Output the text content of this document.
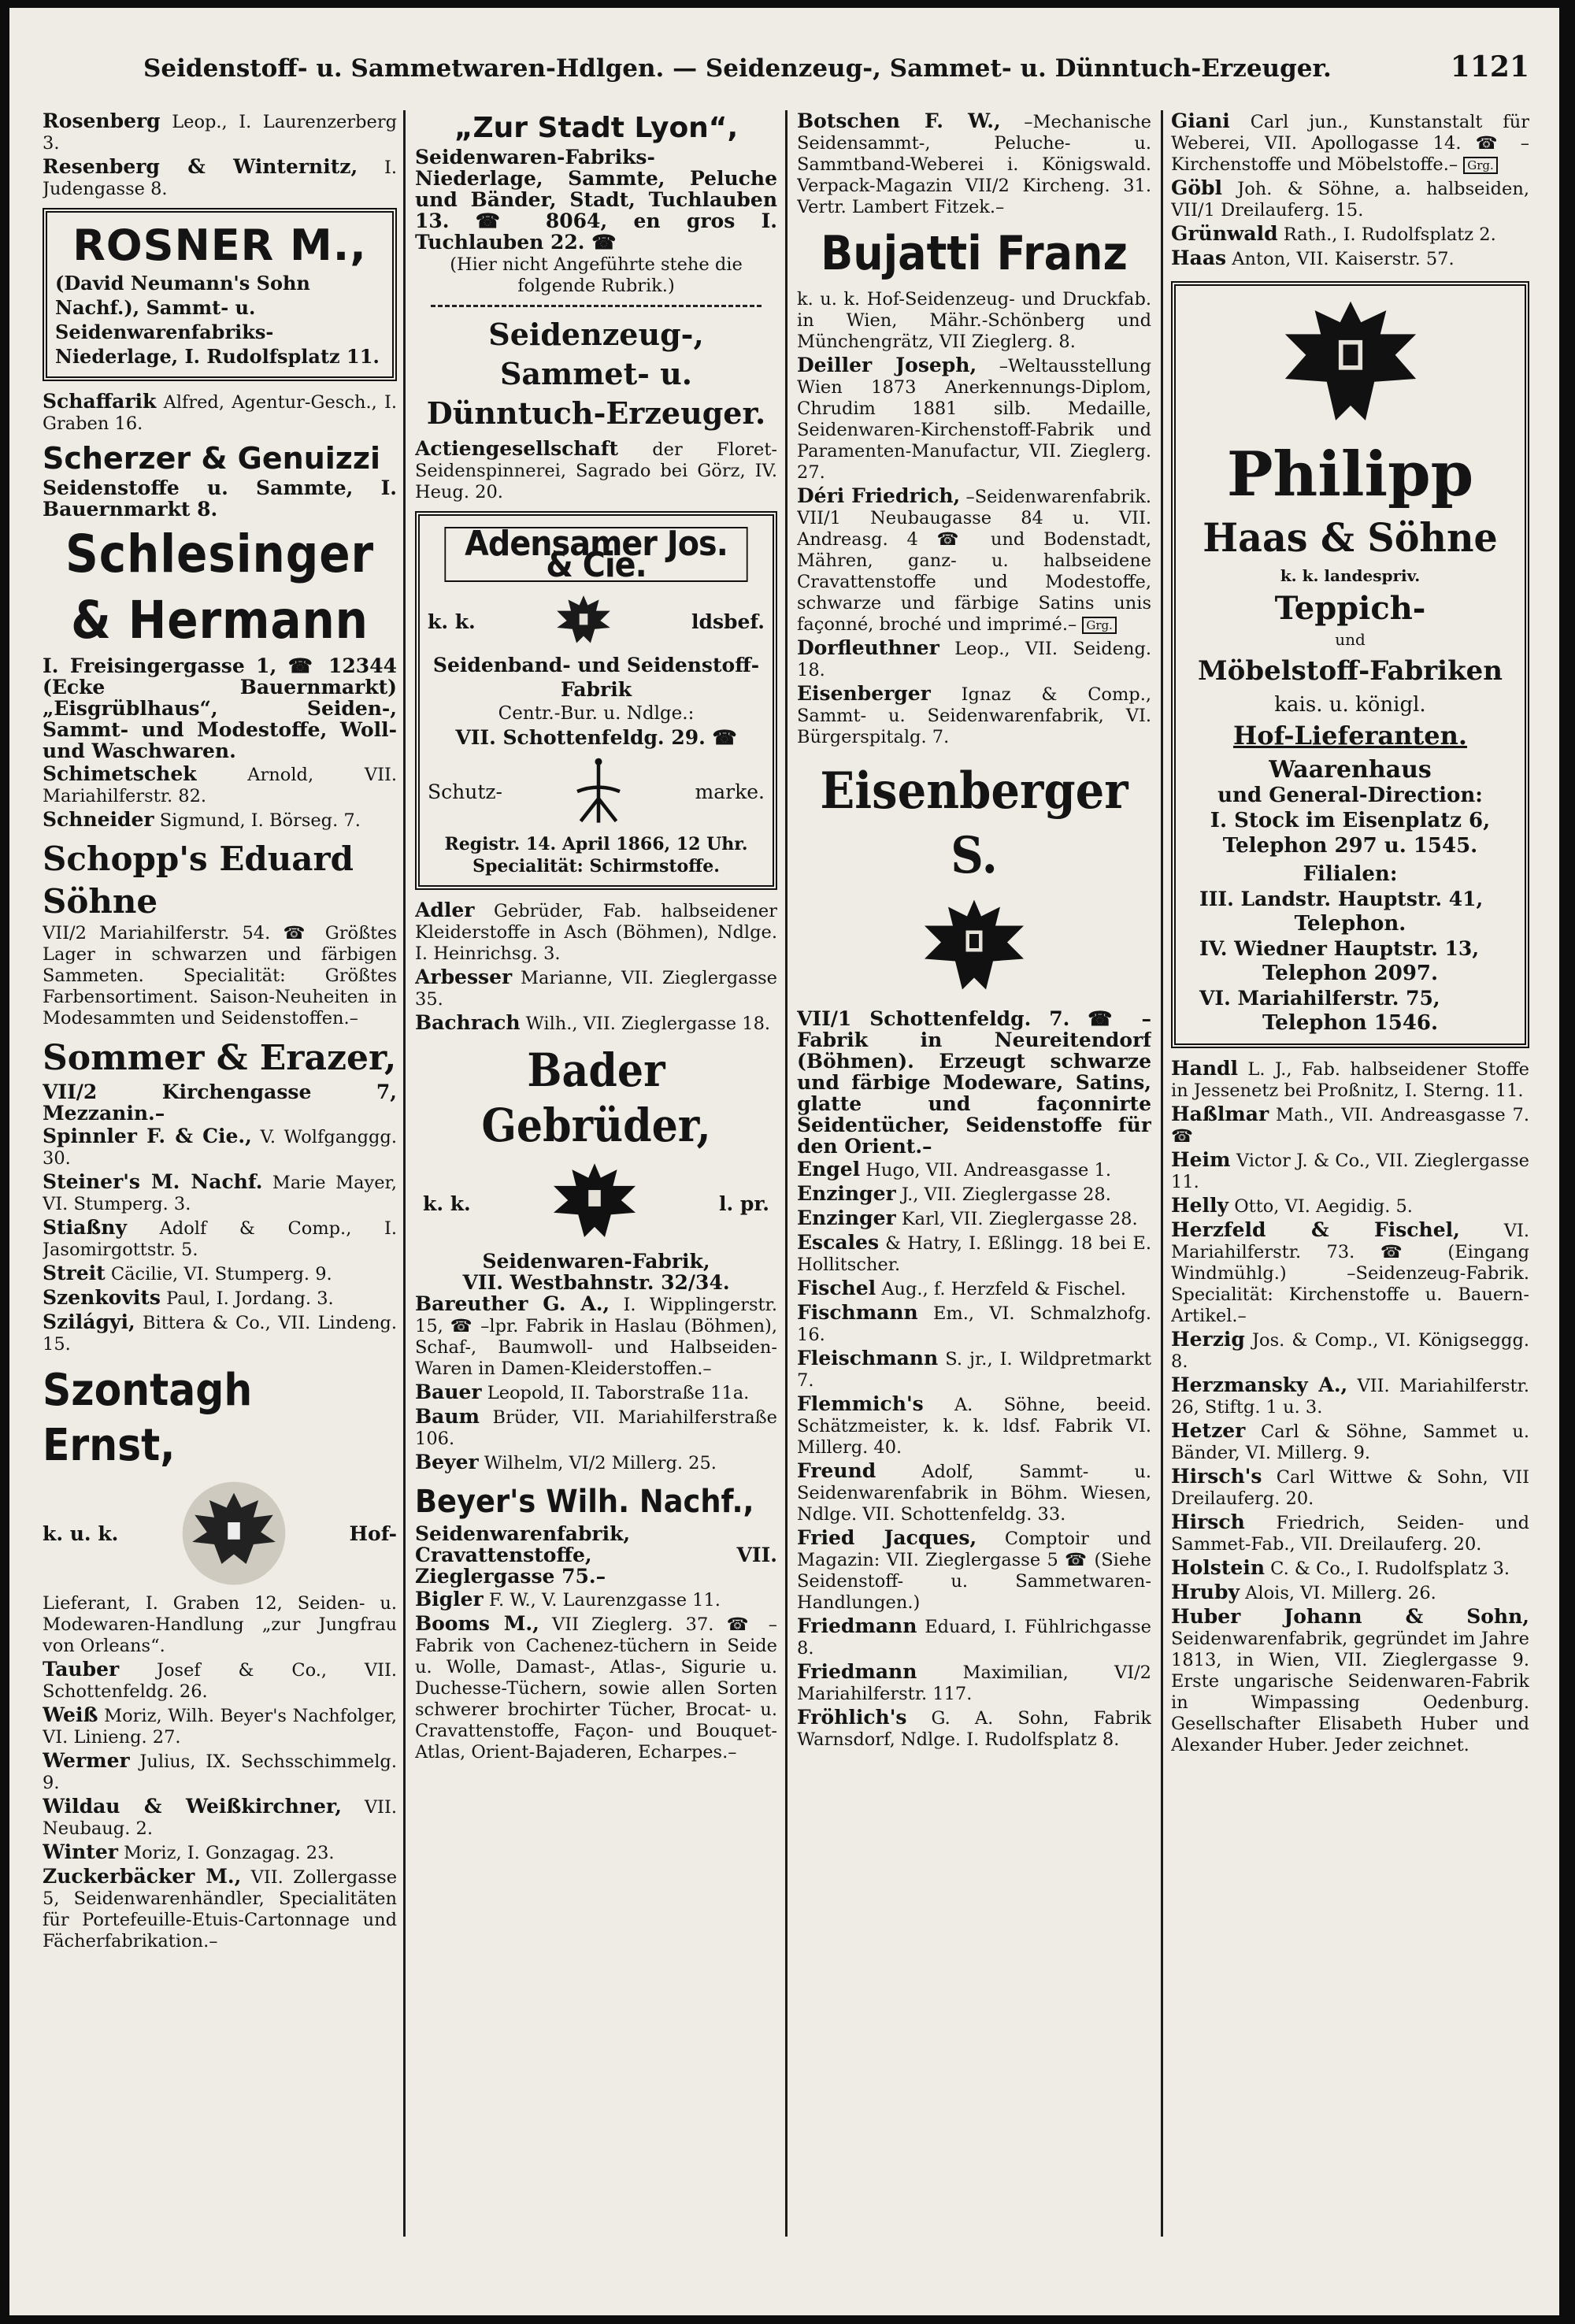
Seidenstoff- u. Sammetwaren-Hdlgen. — Seidenzeug-, Sammet- u. Dünntuch-Erzeuger.	1121

Rosenberg Leop., I. Laurenzerberg 3.

Resenberg & Winternitz, I. Judengasse 8.

ROSNER M.,
(David Neumann's Sohn Nachf.), Sammt- u. Seidenwarenfabriks-Niederlage, I. Rudolfsplatz 11.

Schaffarik Alfred, Agentur-Gesch., I. Graben 16.

Scherzer & Genuizzi

Seidenstoffe u. Sammte, I. Bauernmarkt 8.

Schlesinger
& Hermann

I. Freisingergasse 1, ☎ 12344 (Ecke Bauernmarkt) „Eisgrüblhaus“, Seiden-, Sammt- und Modestoffe, Woll- und Waschwaren.

Schimetschek	Arnold, VII. Mariahilferstr. 82.

Schneider Sigmund, I. Börseg. 7.

Schopp's Eduard Söhne

VII/2 Mariahilferstr. 54. ☎ Größtes Lager in schwarzen und färbigen Sammeten. Specialität: Größtes Farbensortiment. Saison-Neuheiten in Modesammten und Seidenstoffen.–

Sommer & Erazer,

VII/2 Kirchengasse 7, Mezzanin.–

Spinnler F. & Cie., V. Wolfganggg. 30.

Steiner's M. Nachf. Marie Mayer, VI. Stumperg. 3.

Stiaßny Adolf & Comp., I. Jasomirgottstr. 5.

Streit Cäcilie, VI. Stumperg. 9.

Szenkovits Paul, I. Jordang. 3.

Szilágyi, Bittera & Co., VII. Lindeng. 15.

Szontagh Ernst,
k. u. k.	Hof-

Lieferant, I. Graben 12, Seiden- u. Modewaren-Handlung „zur Jungfrau von Orleans“.

Tauber Josef & Co., VII. Schottenfeldg. 26.

Weiß Moriz, Wilh. Beyer's Nachfolger, VI. Linieng. 27.

Wermer Julius, IX. Sechsschimmelg. 9.

Wildau & Weißkirchner, VII. Neubaug. 2.

Winter Moriz, I. Gonzagag. 23.

Zuckerbäcker M., VII. Zollergasse 5, Seidenwarenhändler, Specialitäten für Portefeuille-Etuis-Cartonnage und Fächerfabrikation.–

„Zur Stadt Lyon“,

Seidenwaren-Fabriks-Niederlage, Sammte, Peluche und Bänder, Stadt, Tuchlauben 13. ☎ 8064, en gros I. Tuchlauben 22. ☎

(Hier nicht Angeführte stehe die folgende Rubrik.)

Seidenzeug-, Sammet- u. Dünntuch-Erzeuger.

Actiengesellschaft der Floret-Seidenspinnerei, Sagrado bei Görz, IV. Heug. 20.

Adensamer Jos. & Cie.
k. k.	ldsbef.
Seidenband- und Seidenstoff-Fabrik
Centr.-Bur. u. Ndlge.:
VII. Schottenfeldg. 29. ☎
Schutz-	marke.
Registr. 14. April 1866, 12 Uhr.
Specialität: Schirmstoffe.

Adler Gebrüder, Fab. halbseidener Kleiderstoffe in Asch (Böhmen), Ndlge. I. Heinrichsg. 3.

Arbesser Marianne, VII. Zieglergasse 35.

Bachrach Wilh., VII. Zieglergasse 18.

Bader Gebrüder,
k. k.	l. pr.
Seidenwaren-Fabrik,
VII. Westbahnstr. 32/34.

Bareuther G. A., I. Wipplingerstr. 15, ☎ –lpr. Fabrik in Haslau (Böhmen), Schaf-, Baumwoll- und Halbseiden-Waren in Damen-Kleiderstoffen.–

Bauer Leopold, II. Taborstraße 11a.

Baum Brüder, VII. Mariahilferstraße 106.

Beyer Wilhelm, VI/2 Millerg. 25.

Beyer's Wilh. Nachf.,

Seidenwarenfabrik, Cravattenstoffe, VII. Zieglergasse 75.–

Bigler F. W., V. Laurenzgasse 11.

Booms M., VII Zieglerg. 37. ☎ –Fabrik von Cachenez-tüchern in Seide u. Wolle, Damast-, Atlas-, Sigurie u. Duchesse-Tüchern, sowie allen Sorten schwerer brochirter Tücher, Brocat- u. Cravattenstoffe, Façon- und Bouquet-Atlas, Orient-Bajaderen, Echarpes.–

Botschen F. W., –Mechanische Seidensammt-, Peluche- u. Sammtband-Weberei i. Königswald. Verpack-Magazin VII/2 Kircheng. 31. Vertr. Lambert Fitzek.–

Bujatti Franz

k. u. k. Hof-Seidenzeug- und Druckfab. in Wien, Mähr.-Schönberg und Münchengrätz, VII Zieglerg. 8.

Deiller Joseph, –Weltausstellung Wien 1873 Anerkennungs-Diplom, Chrudim 1881 silb. Medaille, Seidenwaren-Kirchenstoff-Fabrik und Paramenten-Manufactur, VII. Zieglerg. 27.

Déri Friedrich, –Seidenwarenfabrik. VII/1 Neubaugasse 84 u. VII. Andreasg. 4 ☎ und Bodenstadt, Mähren, ganz- u. halbseidene Cravattenstoffe und Modestoffe, schwarze und färbige Satins unis façonné, broché und imprimé.– Grg.

Dorfleuthner Leop., VII. Seideng. 18.

Eisenberger Ignaz & Comp., Sammt- u. Seidenwarenfabrik, VI. Bürgerspitalg. 7.

Eisenberger S.

VII/1 Schottenfeldg. 7. ☎ –Fabrik in Neureitendorf (Böhmen). Erzeugt schwarze und färbige Modeware, Satins, glatte und façonnirte Seidentücher, Seidenstoffe für den Orient.–

Engel Hugo, VII. Andreasgasse 1.

Enzinger J., VII. Zieglergasse 28.

Enzinger Karl, VII. Zieglergasse 28.

Escales & Hatry, I. Eßlingg. 18 bei E. Hollitscher.

Fischel Aug., f. Herzfeld & Fischel.

Fischmann Em., VI. Schmalzhofg. 16.

Fleischmann S. jr., I. Wildpretmarkt 7.

Flemmich's A. Söhne, beeid. Schätzmeister, k. k. ldsf. Fabrik VI. Millerg. 40.

Freund	Adolf, Sammt- u. Seidenwarenfabrik in Böhm. Wiesen, Ndlge. VII. Schottenfeldg. 33.

Fried Jacques, Comptoir und Magazin: VII. Zieglergasse 5 ☎ (Siehe Seidenstoff- u. Sammetwaren-Handlungen.)

Friedmann Eduard, I. Fühlrichgasse 8.

Friedmann	Maximilian, VI/2 Mariahilferstr. 117.

Fröhlich's G. A. Sohn, Fabrik Warnsdorf, Ndlge. I. Rudolfsplatz 8.

Giani Carl jun., Kunstanstalt für Weberei, VII. Apollogasse 14. ☎ –Kirchenstoffe und Möbelstoffe.– Grg.

Göbl Joh. & Söhne, a. halbseiden, VII/1 Dreilauferg. 15.

Grünwald Rath., I. Rudolfsplatz 2.

Haas Anton, VII. Kaiserstr. 57.

Philipp
Haas & Söhne
k. k. landespriv.
Teppich-
und
Möbelstoff-Fabriken
kais. u. königl.
Hof-Lieferanten.
Waarenhaus
und General-Direction:
I. Stock im Eisenplatz 6,
Telephon 297 u. 1545.
Filialen:
III. Landstr. Hauptstr. 41,
Telephon.
IV. Wiedner Hauptstr. 13,
Telephon 2097.
VI. Mariahilferstr. 75,
Telephon 1546.

Handl L. J., Fab. halbseidener Stoffe in Jessenetz bei Proßnitz, I. Sterng. 11.

Haßlmar Math., VII. Andreasgasse 7. ☎

Heim Victor J. & Co., VII. Zieglergasse 11.

Helly Otto, VI. Aegidig. 5.

Herzfeld & Fischel, VI. Mariahilferstr. 73. ☎ (Eingang Windmühlg.) –Seidenzeug-Fabrik. Specialität: Kirchenstoffe u. Bauern-Artikel.–

Herzig Jos. & Comp., VI. Königseggg. 8.

Herzmansky A., VII. Mariahilferstr. 26, Stiftg. 1 u. 3.

Hetzer Carl & Söhne, Sammet u. Bänder, VI. Millerg. 9.

Hirsch's Carl Wittwe & Sohn, VII Dreilauferg. 20.

Hirsch Friedrich, Seiden- und Sammet-Fab., VII. Dreilauferg. 20.

Holstein C. & Co., I. Rudolfsplatz 3.

Hruby Alois, VI. Millerg. 26.

Huber Johann & Sohn, Seidenwarenfabrik, gegründet im Jahre 1813, in Wien, VII. Zieglergasse 9. Erste ungarische Seidenwaren-Fabrik in Wimpassing Oedenburg. Gesellschafter Elisabeth Huber und Alexander Huber. Jeder zeichnet.
